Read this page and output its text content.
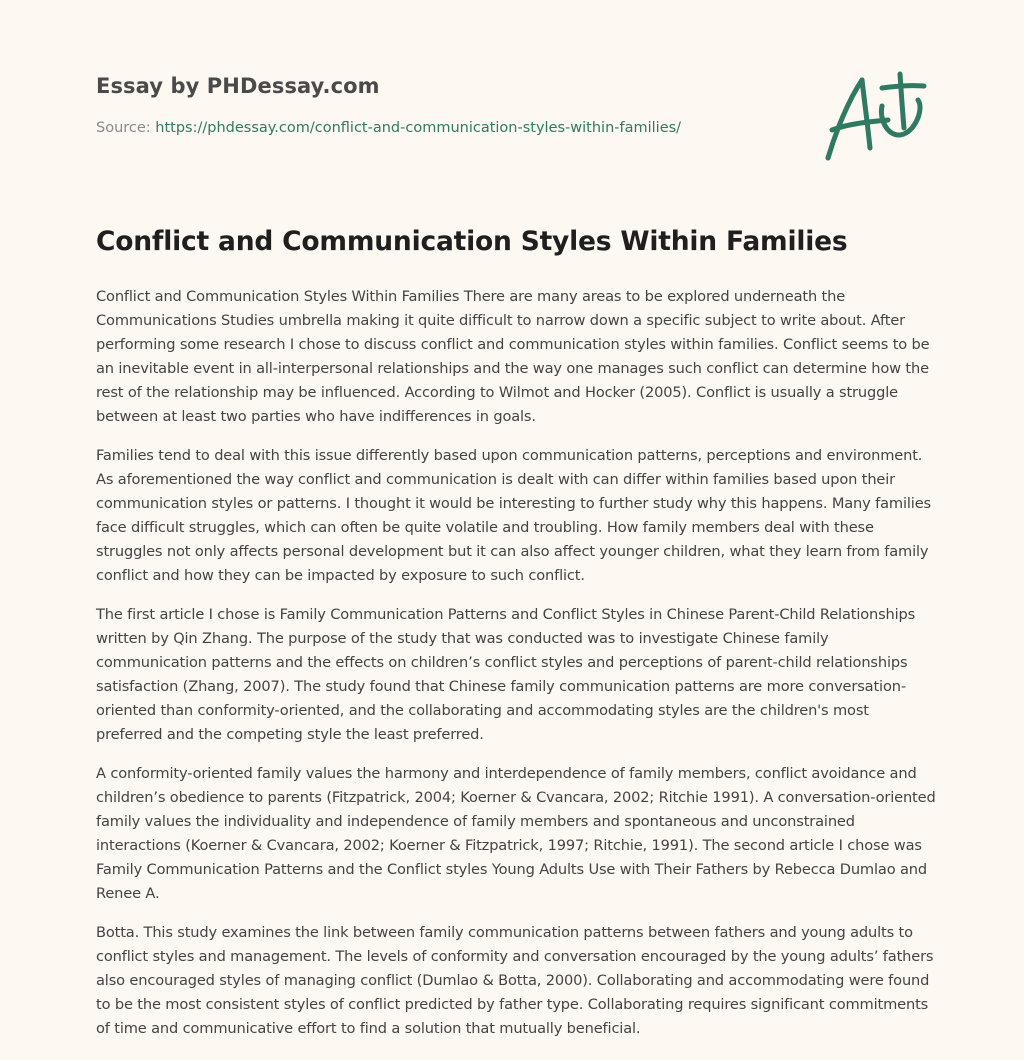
Essay by PHDessay.com
Source: https://phdessay.com/conflict-and-communication-styles-within-families/
Conflict and Communication Styles Within Families

Conflict and Communication Styles Within Families There are many areas to be explored underneath the Communications Studies umbrella making it quite difficult to narrow down a specific subject to write about. After performing some research I chose to discuss conflict and communication styles within families. Conflict seems to be an inevitable event in all-interpersonal relationships and the way one manages such conflict can determine how the rest of the relationship may be influenced. According to Wilmot and Hocker (2005). Conflict is usually a struggle between at least two parties who have indifferences in goals.

Families tend to deal with this issue differently based upon communication patterns, perceptions and environment. As aforementioned the way conflict and communication is dealt with can differ within families based upon their communication styles or patterns. I thought it would be interesting to further study why this happens. Many families face difficult struggles, which can often be quite volatile and troubling. How family members deal with these struggles not only affects personal development but it can also affect younger children, what they learn from family conflict and how they can be impacted by exposure to such conflict.

The first article I chose is Family Communication Patterns and Conflict Styles in Chinese Parent-Child Relationships written by Qin Zhang. The purpose of the study that was conducted was to investigate Chinese family communication patterns and the effects on children’s conflict styles and perceptions of parent-child relationships satisfaction (Zhang, 2007). The study found that Chinese family communication patterns are more conversation-oriented than conformity-oriented, and the collaborating and accommodating styles are the children's most preferred and the competing style the least preferred.

A conformity-oriented family values the harmony and interdependence of family members, conflict avoidance and children’s obedience to parents (Fitzpatrick, 2004; Koerner & Cvancara, 2002; Ritchie 1991). A conversation-oriented family values the individuality and independence of family members and spontaneous and unconstrained interactions (Koerner & Cvancara, 2002; Koerner & Fitzpatrick, 1997; Ritchie, 1991). The second article I chose was Family Communication Patterns and the Conflict styles Young Adults Use with Their Fathers by Rebecca Dumlao and Renee A.

Botta. This study examines the link between family communication patterns between fathers and young adults to conflict styles and management. The levels of conformity and conversation encouraged by the young adults’ fathers also encouraged styles of managing conflict (Dumlao & Botta, 2000). Collaborating and accommodating were found to be the most consistent styles of conflict predicted by father type. Collaborating requires significant commitments of time and communicative effort to find a solution that mutually beneficial.
